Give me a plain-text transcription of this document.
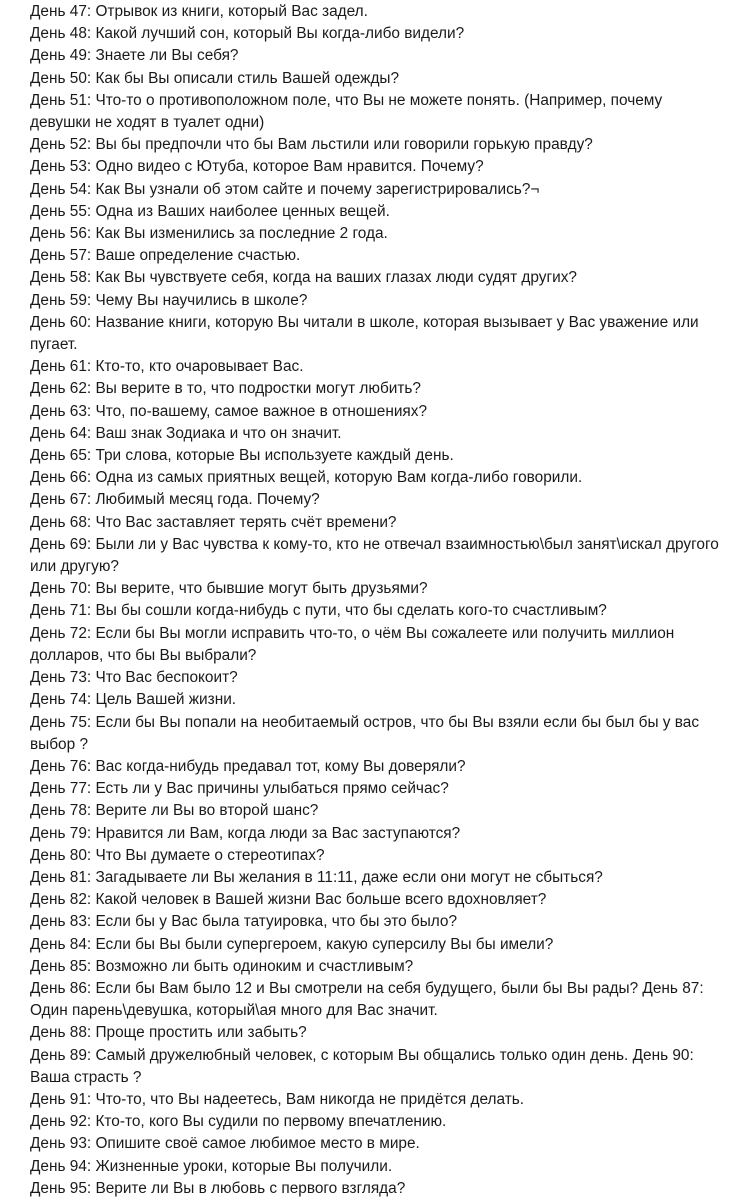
День 47: Отрывок из книги, который Вас задел.
День 48: Какой лучший сон, который Вы когда-либо видели?
День 49: Знаете ли Вы себя?
День 50: Как бы Вы описали стиль Вашей одежды?
День 51: Что-то о противоположном поле, что Вы не можете понять. (Например, почему девушки не ходят в туалет одни)
День 52: Вы бы предпочли что бы Вам льстили или говорили горькую правду?
День 53: Одно видео с Ютуба, которое Вам нравится. Почему?
День 54: Как Вы узнали об этом сайте и почему зарегистрировались?¬
День 55: Одна из Ваших наиболее ценных вещей.
День 56: Как Вы изменились за последние 2 года.
День 57: Ваше определение счастью.
День 58: Как Вы чувствуете себя, когда на ваших глазах люди судят других?
День 59: Чему Вы научились в школе?
День 60: Название книги, которую Вы читали в школе, которая вызывает у Вас уважение или пугает.
День 61: Кто-то, кто очаровывает Вас.
День 62: Вы верите в то, что подростки могут любить?
День 63: Что, по-вашему, самое важное в отношениях?
День 64: Ваш знак Зодиака и что он значит.
День 65: Три слова, которые Вы используете каждый день.
День 66: Одна из самых приятных вещей, которую Вам когда-либо говорили.
День 67: Любимый месяц года. Почему?
День 68: Что Вас заставляет терять счёт времени?
День 69: Были ли у Вас чувства к кому-то, кто не отвечал взаимностью\был занят\искал другого или другую?
День 70: Вы верите, что бывшие могут быть друзьями?
День 71: Вы бы сошли когда-нибудь с пути, что бы сделать кого-то счастливым?
День 72: Если бы Вы могли исправить что-то, о чём Вы сожалеете или получить миллион долларов, что бы Вы выбрали?
День 73: Что Вас беспокоит?
День 74: Цель Вашей жизни.
День 75: Если бы Вы попали на необитаемый остров, что бы Вы взяли если бы был бы у вас выбор ?
День 76: Вас когда-нибудь предавал тот, кому Вы доверяли?
День 77: Есть ли у Вас причины улыбаться прямо сейчас?
День 78: Верите ли Вы во второй шанс?
День 79: Нравится ли Вам, когда люди за Вас заступаются?
День 80: Что Вы думаете о стереотипах?
День 81: Загадываете ли Вы желания в 11:11, даже если они могут не сбыться?
День 82: Какой человек в Вашей жизни Вас больше всего вдохновляет?
День 83: Если бы у Вас была татуировка, что бы это было?
День 84: Если бы Вы были супергероем, какую суперсилу Вы бы имели?
День 85: Возможно ли быть одиноким и счастливым?
День 86: Если бы Вам было 12 и Вы смотрели на себя будущего, были бы Вы рады? День 87: Один парень\девушка, который\ая много для Вас значит.
День 88: Проще простить или забыть?
День 89: Самый дружелюбный человек, с которым Вы общались только один день. День 90: Ваша страсть ?
День 91: Что-то, что Вы надеетесь, Вам никогда не придётся делать.
День 92: Кто-то, кого Вы судили по первому впечатлению.
День 93: Опишите своё самое любимое место в мире.
День 94: Жизненные уроки, которые Вы получили.
День 95: Верите ли Вы в любовь с первого взгляда?
